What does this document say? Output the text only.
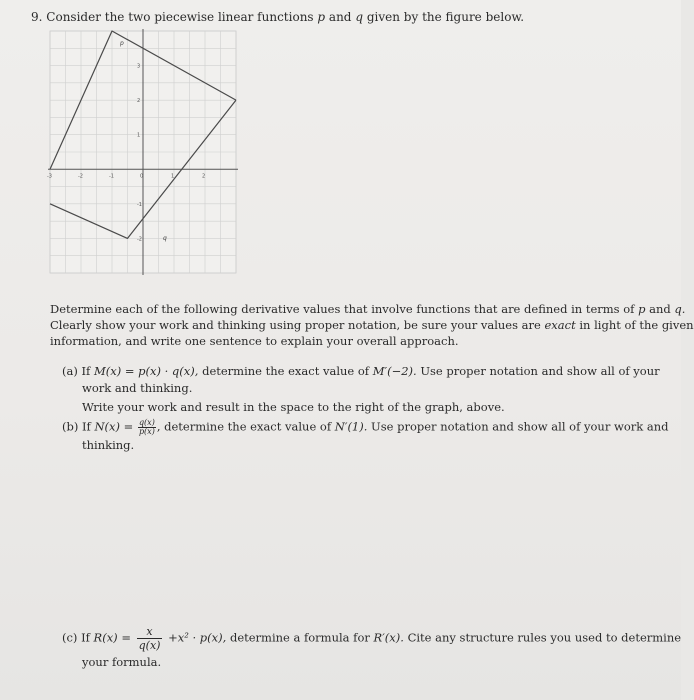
9. Consider the two piecewise linear functions p and q given by the figure below.
-3	-2	-1	0	1	2
3
2
1
-1
-2
p
q
Determine each of the following derivative values that involve functions that are defined in terms of p and q.
Clearly show your work and thinking using proper notation, be sure your values are exact in light of the given
information, and write one sentence to explain your overall approach.
(a) If M(x) = p(x) · q(x), determine the exact value of M′(−2). Use proper notation and show all of your
work and thinking.
Write your work and result in the space to the right of the graph, above.
(b) If $N(x) = \frac{q(x)}{p(x)}$ , determine the exact value of N′(1). Use proper notation and show all of your work and
thinking.
(c) If $R(x) = \frac{x}{q(x)} +x^2 \cdot p(x)$, determine a formula for R′(x). Cite any structure rules you used to determine
your formula.
